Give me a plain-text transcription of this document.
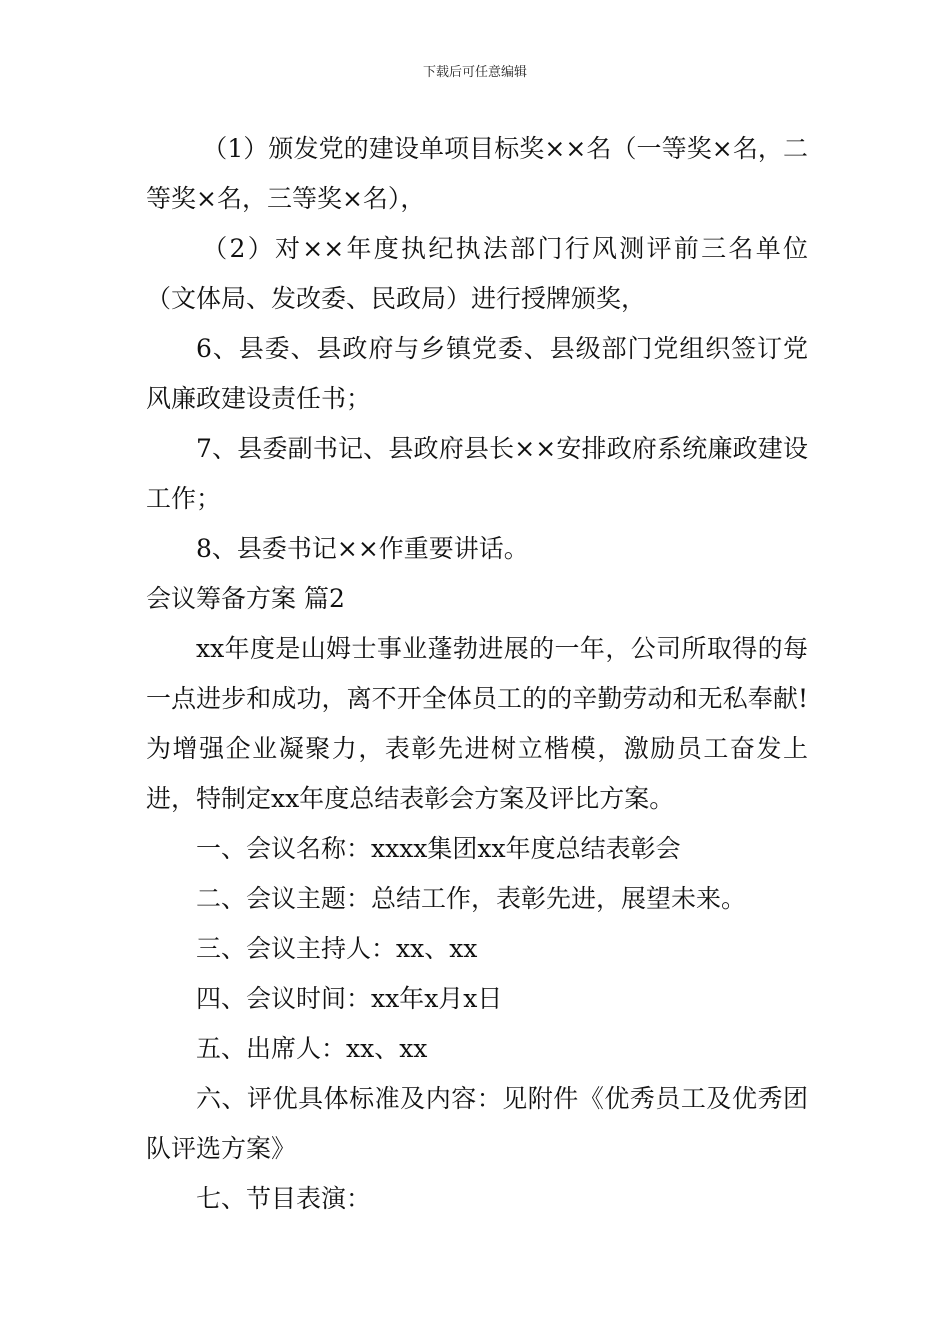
下载后可任意编辑

（1）颁发党的建设单项目标奖××名（一等奖×名，二等奖×名，三等奖×名），

（2）对××年度执纪执法部门行风测评前三名单位（文体局、发改委、民政局）进行授牌颁奖，

6、县委、县政府与乡镇党委、县级部门党组织签订党风廉政建设责任书；

7、县委副书记、县政府县长××安排政府系统廉政建设工作；

8、县委书记××作重要讲话。

会议筹备方案 篇2

xx年度是山姆士事业蓬勃进展的一年，公司所取得的每一点进步和成功，离不开全体员工的的辛勤劳动和无私奉献!为增强企业凝聚力，表彰先进树立楷模，激励员工奋发上进，特制定xx年度总结表彰会方案及评比方案。

一、会议名称：xxxx集团xx年度总结表彰会

二、会议主题：总结工作，表彰先进，展望未来。

三、会议主持人：xx、xx

四、会议时间：xx年x月x日

五、出席人：xx、xx

六、评优具体标准及内容：见附件《优秀员工及优秀团队评选方案》

七、节目表演：
